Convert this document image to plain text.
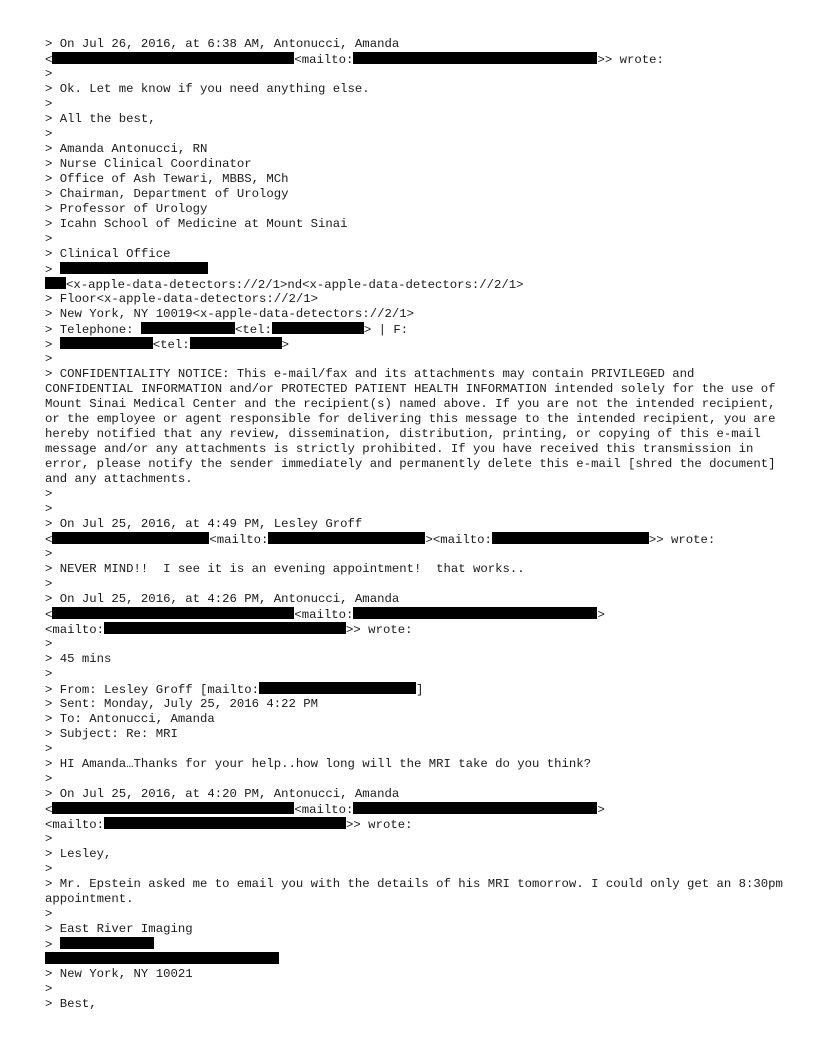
> On Jul 26, 2016, at 6:38 AM, Antonucci, Amanda
<	<mailto:	>> wrote:
>
> Ok. Let me know if you need anything else.
>
> All the best,
>
> Amanda Antonucci, RN
> Nurse Clinical Coordinator
> Office of Ash Tewari, MBBS, MCh
> Chairman, Department of Urology
> Professor of Urology
> Icahn School of Medicine at Mount Sinai
>
> Clinical Office
>
<x-apple-data-detectors://2/1>nd<x-apple-data-detectors://2/1>
> Floor<x-apple-data-detectors://2/1>
> New York, NY 10019<x-apple-data-detectors://2/1>
> Telephone:	<tel:	> | F:
>	<tel:	>
>
> CONFIDENTIALITY NOTICE: This e-mail/fax and its attachments may contain PRIVILEGED and CONFIDENTIAL INFORMATION and/or PROTECTED PATIENT HEALTH INFORMATION intended solely for the use of Mount Sinai Medical Center and the recipient(s) named above. If you are not the intended recipient, or the employee or agent responsible for delivering this message to the intended recipient, you are hereby notified that any review, dissemination, distribution, printing, or copying of this e-mail message and/or any attachments is strictly prohibited. If you have received this transmission in error, please notify the sender immediately and permanently delete this e-mail [shred the document] and any attachments.
>
>
> On Jul 25, 2016, at 4:49 PM, Lesley Groff
<	<mailto:	><mailto:	>> wrote:
>
> NEVER MIND!!  I see it is an evening appointment!  that works..
>
> On Jul 25, 2016, at 4:26 PM, Antonucci, Amanda
<	<mailto:	>
<mailto:	>> wrote:
>
> 45 mins
>
> From: Lesley Groff [mailto:	]
> Sent: Monday, July 25, 2016 4:22 PM
> To: Antonucci, Amanda
> Subject: Re: MRI
>
> HI Amanda…Thanks for your help..how long will the MRI take do you think?
>
> On Jul 25, 2016, at 4:20 PM, Antonucci, Amanda
<	<mailto:	>
<mailto:	>> wrote:
>
> Lesley,
>
> Mr. Epstein asked me to email you with the details of his MRI tomorrow. I could only get an 8:30pm appointment.
>
> East River Imaging
>
> New York, NY 10021
>
> Best,
